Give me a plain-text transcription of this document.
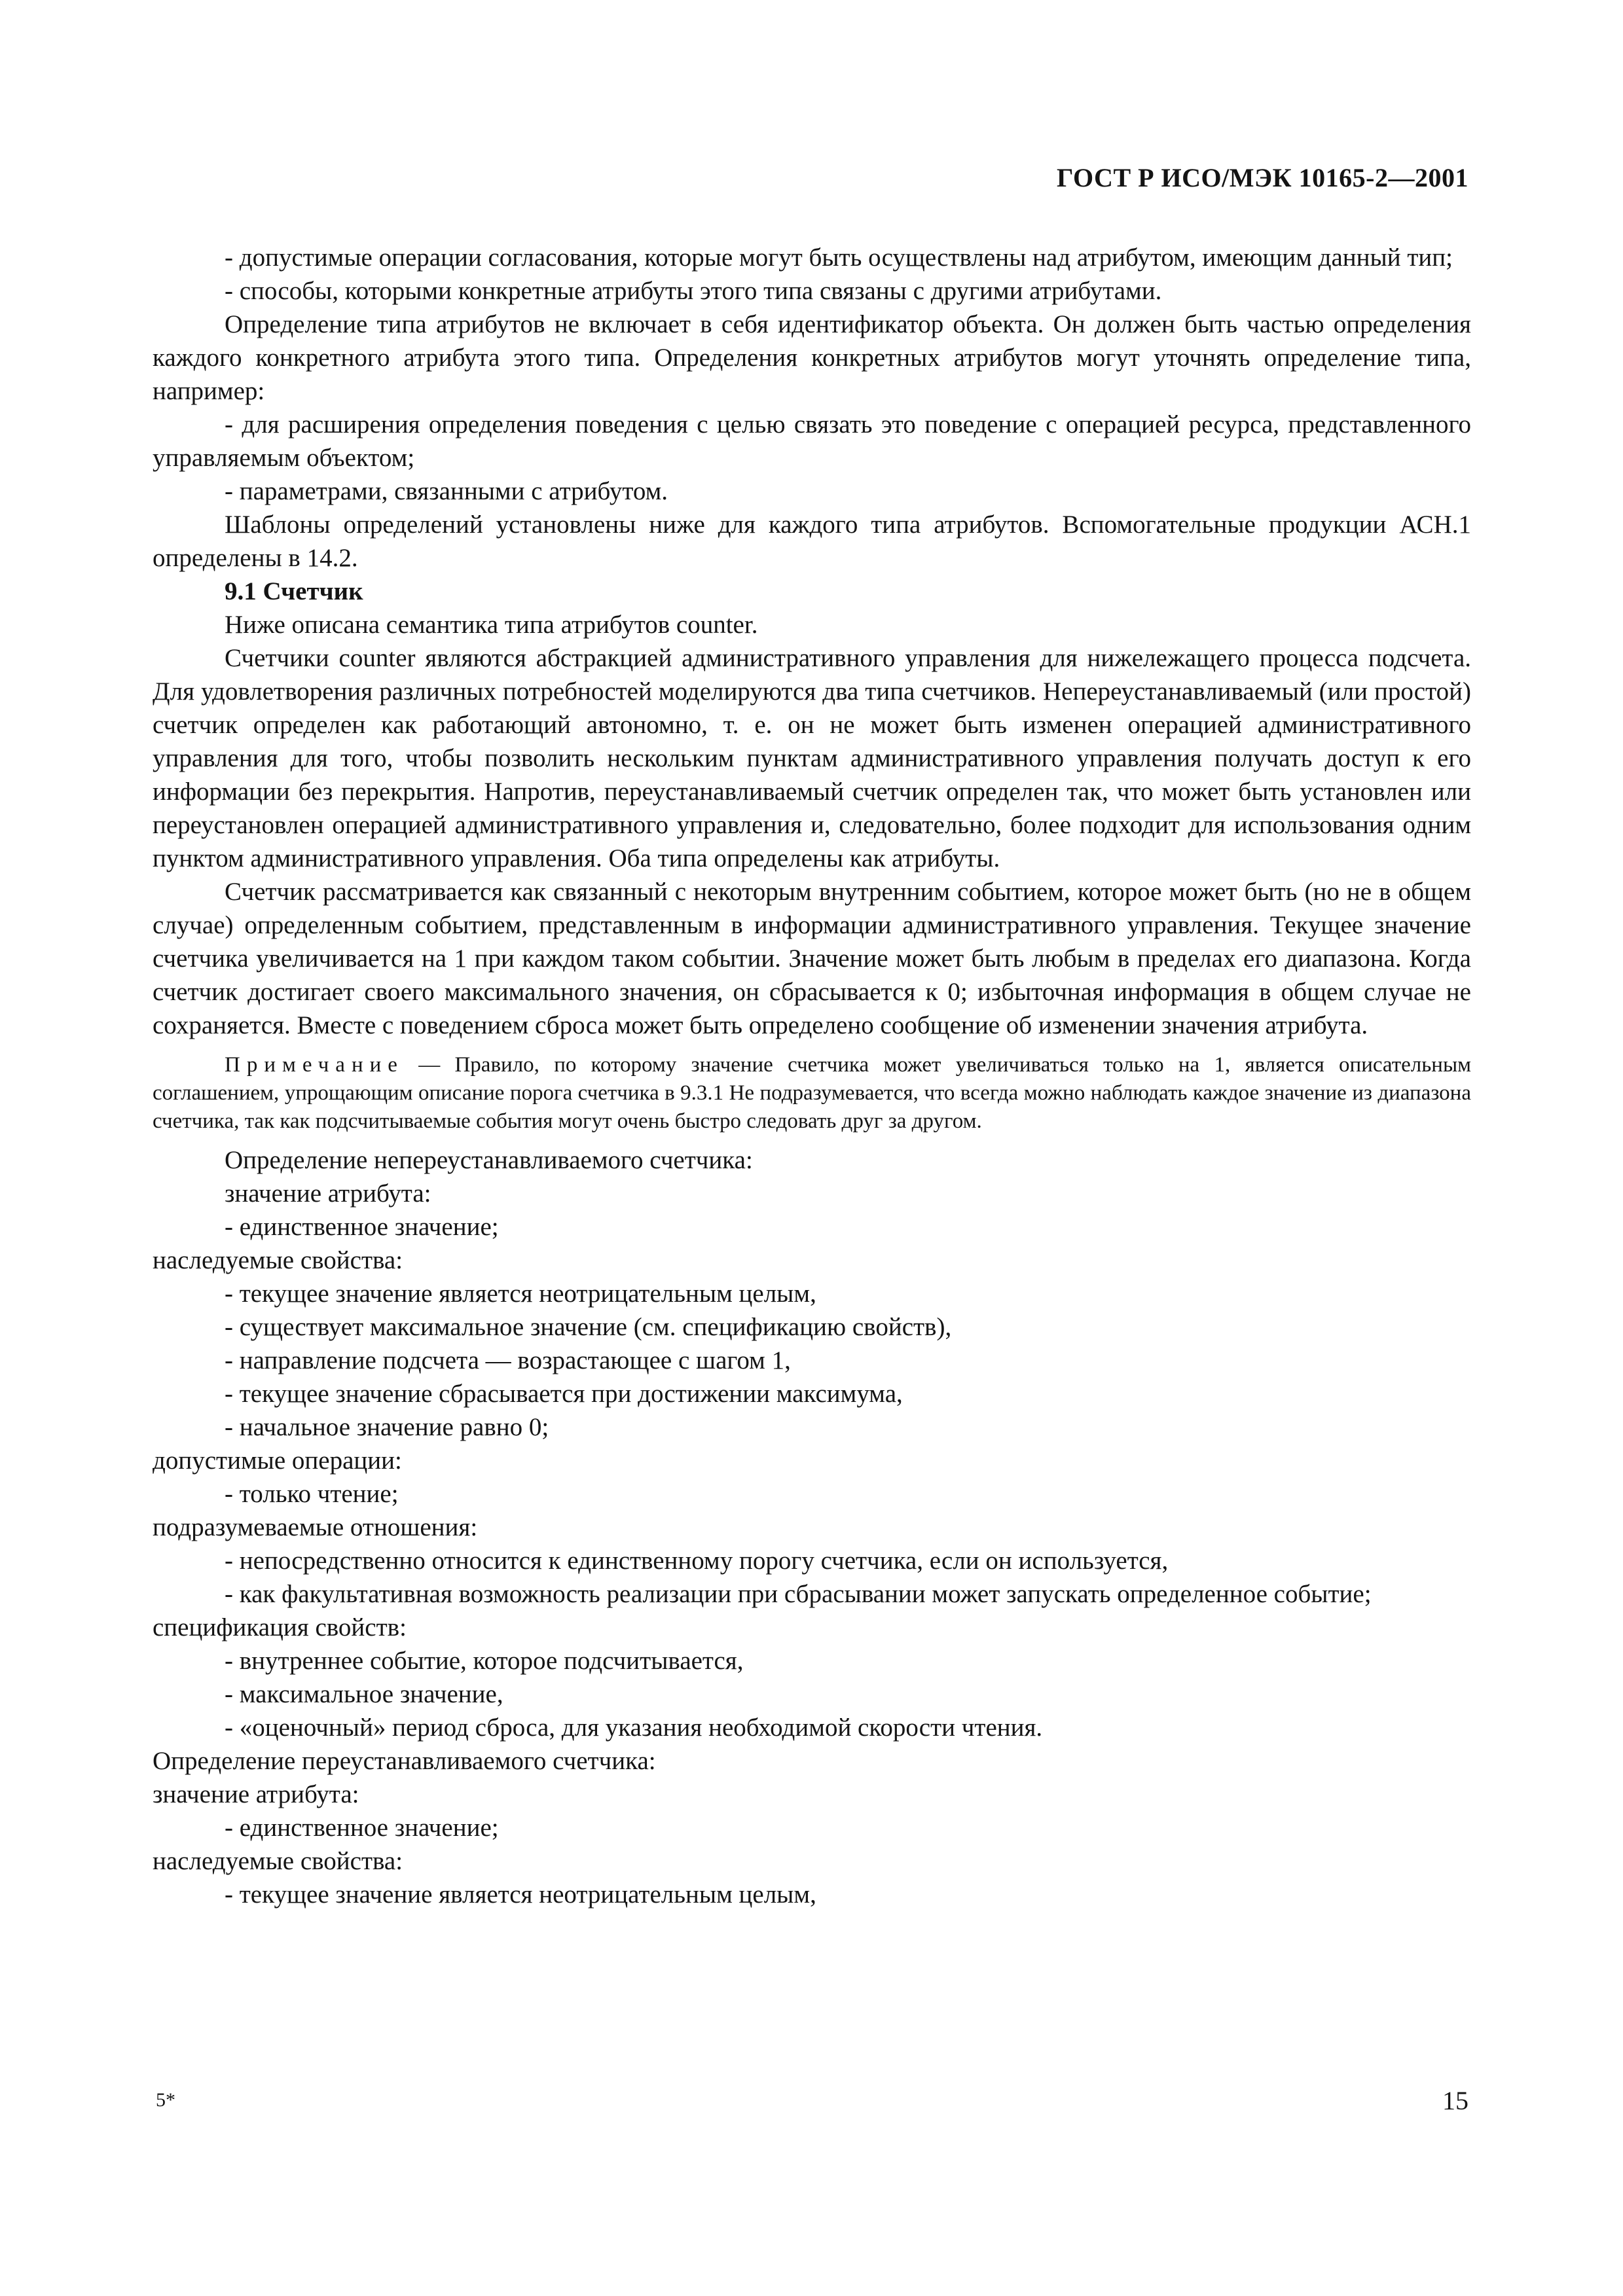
ГОСТ Р ИСО/МЭК 10165-2—2001

- допустимые операции согласования, которые могут быть осуществлены над атрибутом, имеющим данный тип;

- способы, которыми конкретные атрибуты этого типа связаны с другими атрибутами.

Определение типа атрибутов не включает в себя идентификатор объекта. Он должен быть частью определения каждого конкретного атрибута этого типа. Определения конкретных атрибутов могут уточнять определение типа, например:

- для расширения определения поведения с целью связать это поведение с операцией ресурса, представленного управляемым объектом;

- параметрами, связанными с атрибутом.

Шаблоны определений установлены ниже для каждого типа атрибутов. Вспомогательные продукции АСН.1 определены в 14.2.

9.1 Счетчик

Ниже описана семантика типа атрибутов counter.

Счетчики counter являются абстракцией административного управления для нижележащего процесса подсчета. Для удовлетворения различных потребностей моделируются два типа счетчиков. Непереустанавливаемый (или простой) счетчик определен как работающий автономно, т. е. он не может быть изменен операцией административного управления для того, чтобы позволить нескольким пунктам административного управления получать доступ к его информации без перекрытия. Напротив, переустанавливаемый счетчик определен так, что может быть установлен или переустановлен операцией административного управления и, следовательно, более подходит для использования одним пунктом административного управления. Оба типа определены как атрибуты.

Счетчик рассматривается как связанный с некоторым внутренним событием, которое может быть (но не в общем случае) определенным событием, представленным в информации административного управления. Текущее значение счетчика увеличивается на 1 при каждом таком событии. Значение может быть любым в пределах его диапазона. Когда счетчик достигает своего максимального значения, он сбрасывается к 0; избыточная информация в общем случае не сохраняется. Вместе с поведением сброса может быть определено сообщение об изменении значения атрибута.

Примечание — Правило, по которому значение счетчика может увеличиваться только на 1, является описательным соглашением, упрощающим описание порога счетчика в 9.3.1 Не подразумевается, что всегда можно наблюдать каждое значение из диапазона счетчика, так как подсчитываемые события могут очень быстро следовать друг за другом.

Определение непереустанавливаемого счетчика:

значение атрибута:

- единственное значение;

наследуемые свойства:

- текущее значение является неотрицательным целым,

- существует максимальное значение (см. спецификацию свойств),

- направление подсчета — возрастающее с шагом 1,

- текущее значение сбрасывается при достижении максимума,

- начальное значение равно 0;

допустимые операции:

- только чтение;

подразумеваемые отношения:

- непосредственно относится к единственному порогу счетчика, если он используется,

- как факультативная возможность реализации при сбрасывании может запускать определенное событие;

спецификация свойств:

- внутреннее событие, которое подсчитывается,

- максимальное значение,

- «оценочный» период сброса, для указания необходимой скорости чтения.

Определение переустанавливаемого счетчика:

значение атрибута:

- единственное значение;

наследуемые свойства:

- текущее значение является неотрицательным целым,

5*	15
